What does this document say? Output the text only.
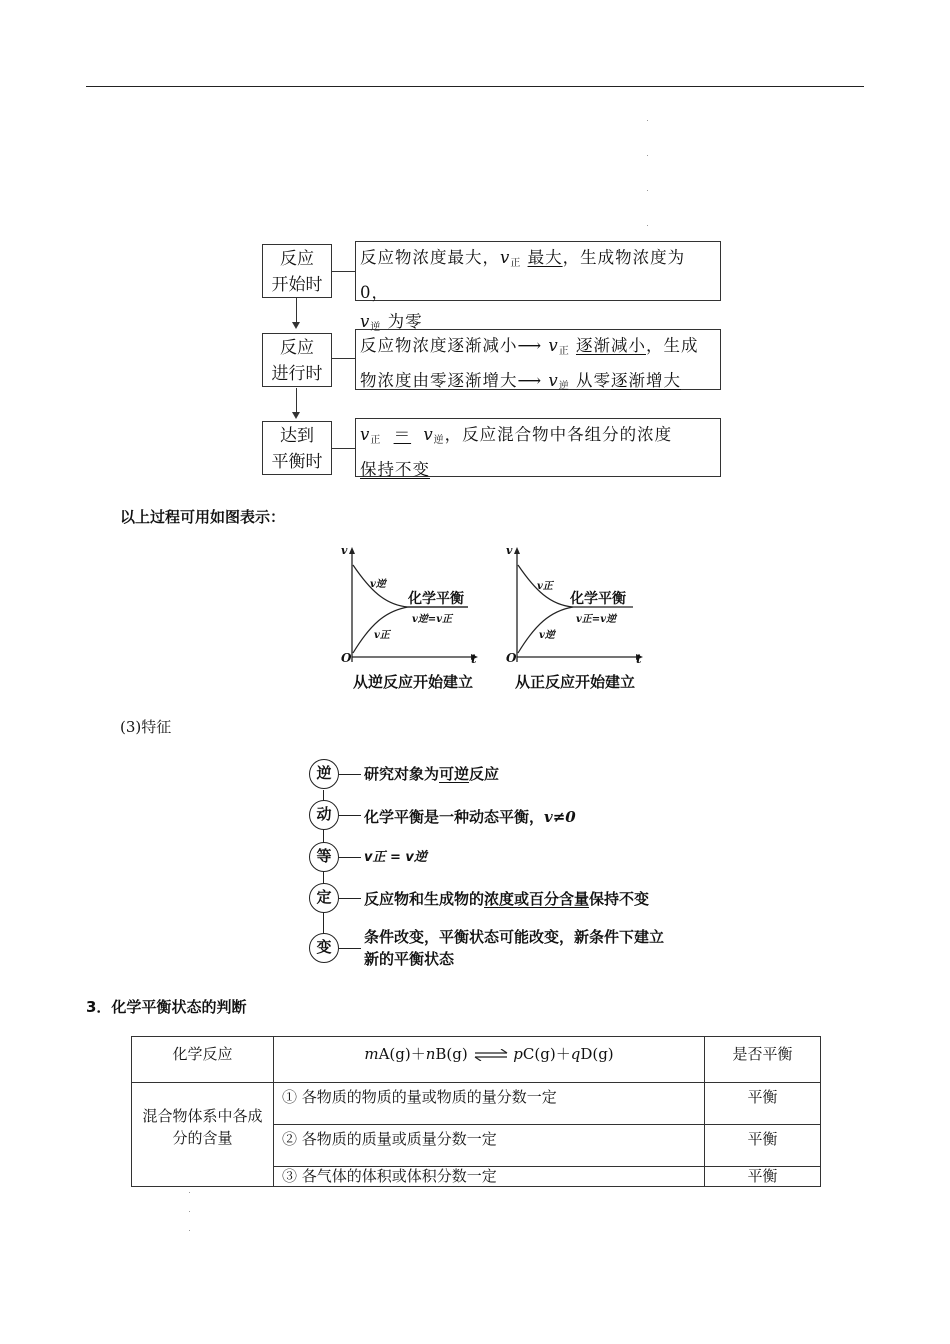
反应
开始时
反应物浓度最大，$v_正$ 最大，生成物浓度为 0，
$v_逆$ 为零
反应
进行时
反应物浓度逐渐减小⟶ $v_正$ 逐渐减小，生成
物浓度由零逐渐增大⟶ $v_逆$ 从零逐渐增大
达到
平衡时
$v_正 = v_逆$，反应混合物中各组分的浓度
保持不变
以上过程可用如图表示：
v
t
O
v逆
v正
化学平衡
v逆=v正
从逆反应开始建立
v
t
O
v正
v逆
化学平衡
v正=v逆
从正反应开始建立
(3)特征
逆	研究对象为可逆反应
动	化学平衡是一种动态平衡，v≠0
等	v正 = v逆
定	反应物和生成物的浓度或百分含量保持不变
变
条件改变，平衡状态可能改变，新条件下建立
新的平衡状态
3．化学平衡状态的判断
化学反应	mA(g)＋nB(g) ⇌ pC(g)＋qD(g)	是否平衡
混合物体系中各成分的含量	① 各物质的物质的量或物质的量分数一定	平衡
	② 各物质的质量或质量分数一定	平衡
	③ 各气体的体积或体积分数一定	平衡
